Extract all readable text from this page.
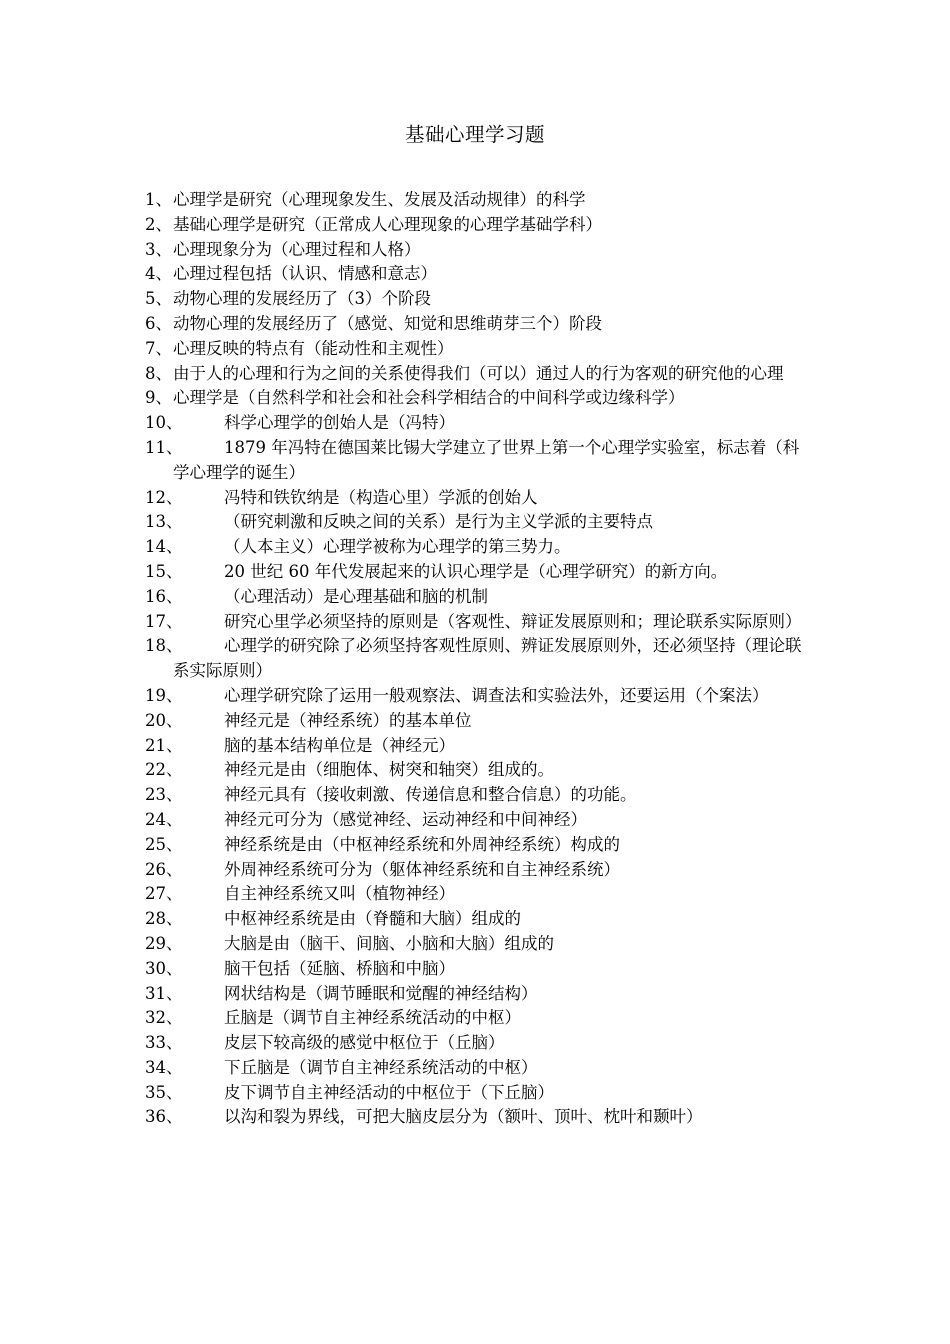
基础心理学习题
1、 心理学是研究（心理现象发生、发展及活动规律）的科学
2、 基础心理学是研究（正常成人心理现象的心理学基础学科）
3、 心理现象分为（心理过程和人格）
4、 心理过程包括（认识、情感和意志）
5、 动物心理的发展经历了（3）个阶段
6、 动物心理的发展经历了（感觉、知觉和思维萌芽三个）阶段
7、 心理反映的特点有（能动性和主观性）
8、 由于人的心理和行为之间的关系使得我们（可以）通过人的行为客观的研究他的心理
9、 心理学是（自然科学和社会和社会科学相结合的中间科学或边缘科学）
10、	科学心理学的创始人是（冯特）
11、	1879 年冯特在德国莱比锡大学建立了世界上第一个心理学实验室，标志着（科学心理学的诞生）
12、	冯特和铁钦纳是（构造心里）学派的创始人
13、	（研究刺激和反映之间的关系）是行为主义学派的主要特点
14、	（人本主义）心理学被称为心理学的第三势力。
15、	20 世纪 60 年代发展起来的认识心理学是（心理学研究）的新方向。
16、	（心理活动）是心理基础和脑的机制
17、	研究心里学必须坚持的原则是（客观性、辩证发展原则和；理论联系实际原则）
18、	心理学的研究除了必须坚持客观性原则、辨证发展原则外，还必须坚持（理论联系实际原则）
19、	心理学研究除了运用一般观察法、调查法和实验法外，还要运用（个案法）
20、	神经元是（神经系统）的基本单位
21、	脑的基本结构单位是（神经元）
22、	神经元是由（细胞体、树突和轴突）组成的。
23、	神经元具有（接收刺激、传递信息和整合信息）的功能。
24、	神经元可分为（感觉神经、运动神经和中间神经）
25、	神经系统是由（中枢神经系统和外周神经系统）构成的
26、	外周神经系统可分为（躯体神经系统和自主神经系统）
27、	自主神经系统又叫（植物神经）
28、	中枢神经系统是由（脊髓和大脑）组成的
29、	大脑是由（脑干、间脑、小脑和大脑）组成的
30、	脑干包括（延脑、桥脑和中脑）
31、	网状结构是（调节睡眠和觉醒的神经结构）
32、	丘脑是（调节自主神经系统活动的中枢）
33、	皮层下较高级的感觉中枢位于（丘脑）
34、	下丘脑是（调节自主神经系统活动的中枢）
35、	皮下调节自主神经活动的中枢位于（下丘脑）
36、	以沟和裂为界线，可把大脑皮层分为（额叶、顶叶、枕叶和颞叶）
